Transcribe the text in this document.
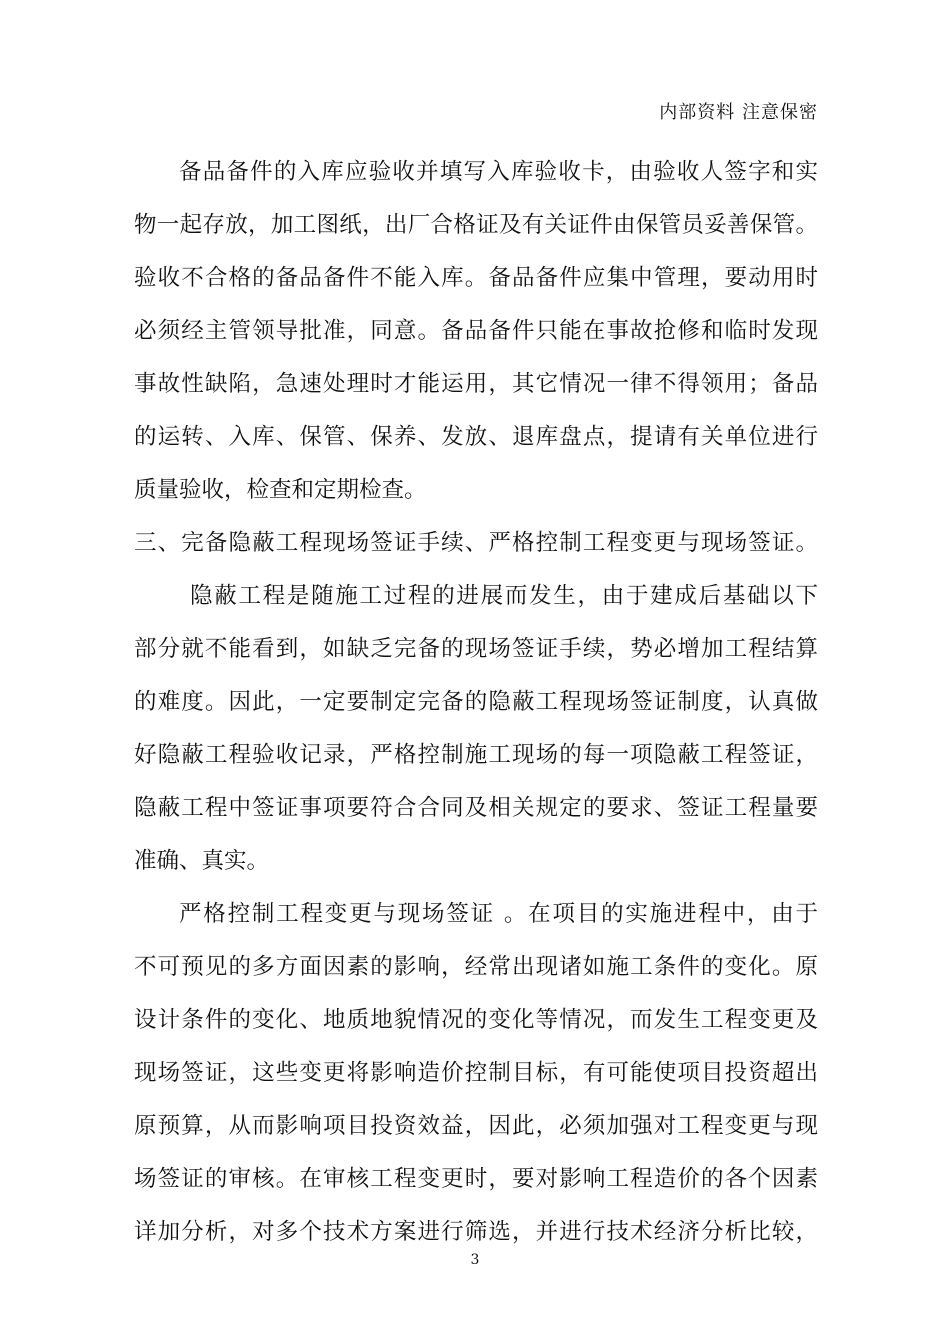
内部资料 注意保密
备品备件的入库应验收并填写入库验收卡，由验收人签字和实
物一起存放，加工图纸，出厂合格证及有关证件由保管员妥善保管。
验收不合格的备品备件不能入库。备品备件应集中管理，要动用时
必须经主管领导批准，同意。备品备件只能在事故抢修和临时发现
事故性缺陷，急速处理时才能运用，其它情况一律不得领用；备品
的运转、入库、保管、保养、发放、退库盘点，提请有关单位进行
质量验收，检查和定期检查。
三、完备隐蔽工程现场签证手续、严格控制工程变更与现场签证。
隐蔽工程是随施工过程的进展而发生，由于建成后基础以下
部分就不能看到，如缺乏完备的现场签证手续，势必增加工程结算
的难度。因此，一定要制定完备的隐蔽工程现场签证制度，认真做
好隐蔽工程验收记录，严格控制施工现场的每一项隐蔽工程签证，
隐蔽工程中签证事项要符合合同及相关规定的要求、签证工程量要
准确、真实。
严格控制工程变更与现场签证 。在项目的实施进程中，由于
不可预见的多方面因素的影响，经常出现诸如施工条件的变化。原
设计条件的变化、地质地貌情况的变化等情况，而发生工程变更及
现场签证，这些变更将影响造价控制目标，有可能使项目投资超出
原预算，从而影响项目投资效益，因此，必须加强对工程变更与现
场签证的审核。在审核工程变更时，要对影响工程造价的各个因素
详加分析，对多个技术方案进行筛选，并进行技术经济分析比较，
3
